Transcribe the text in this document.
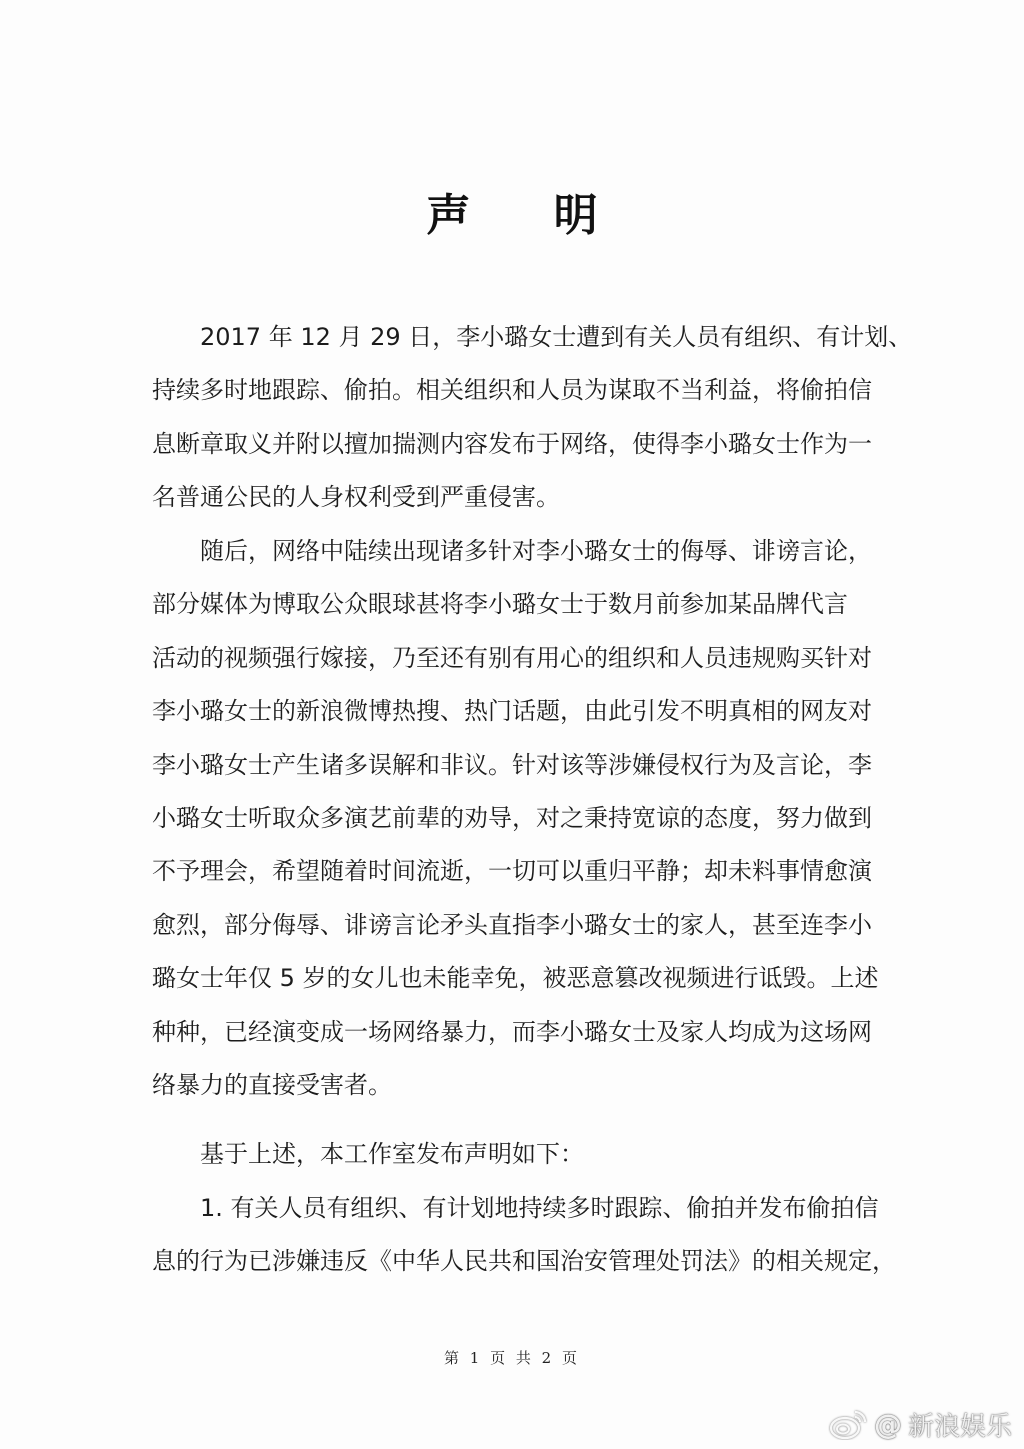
声 明
2017 年 12 月 29 日，李小璐女士遭到有关人员有组织、有计划、
持续多时地跟踪、偷拍。相关组织和人员为谋取不当利益，将偷拍信
息断章取义并附以擅加揣测内容发布于网络，使得李小璐女士作为一
名普通公民的人身权利受到严重侵害。
随后，网络中陆续出现诸多针对李小璐女士的侮辱、诽谤言论，
部分媒体为博取公众眼球甚将李小璐女士于数月前参加某品牌代言
活动的视频强行嫁接，乃至还有别有用心的组织和人员违规购买针对
李小璐女士的新浪微博热搜、热门话题，由此引发不明真相的网友对
李小璐女士产生诸多误解和非议。针对该等涉嫌侵权行为及言论，李
小璐女士听取众多演艺前辈的劝导，对之秉持宽谅的态度，努力做到
不予理会，希望随着时间流逝，一切可以重归平静；却未料事情愈演
愈烈，部分侮辱、诽谤言论矛头直指李小璐女士的家人，甚至连李小
璐女士年仅 5 岁的女儿也未能幸免，被恶意篡改视频进行诋毁。上述
种种，已经演变成一场网络暴力，而李小璐女士及家人均成为这场网
络暴力的直接受害者。
基于上述，本工作室发布声明如下：
1. 有关人员有组织、有计划地持续多时跟踪、偷拍并发布偷拍信
息的行为已涉嫌违反《中华人民共和国治安管理处罚法》的相关规定，
第 1 页 共 2 页
@ 新浪娱乐
